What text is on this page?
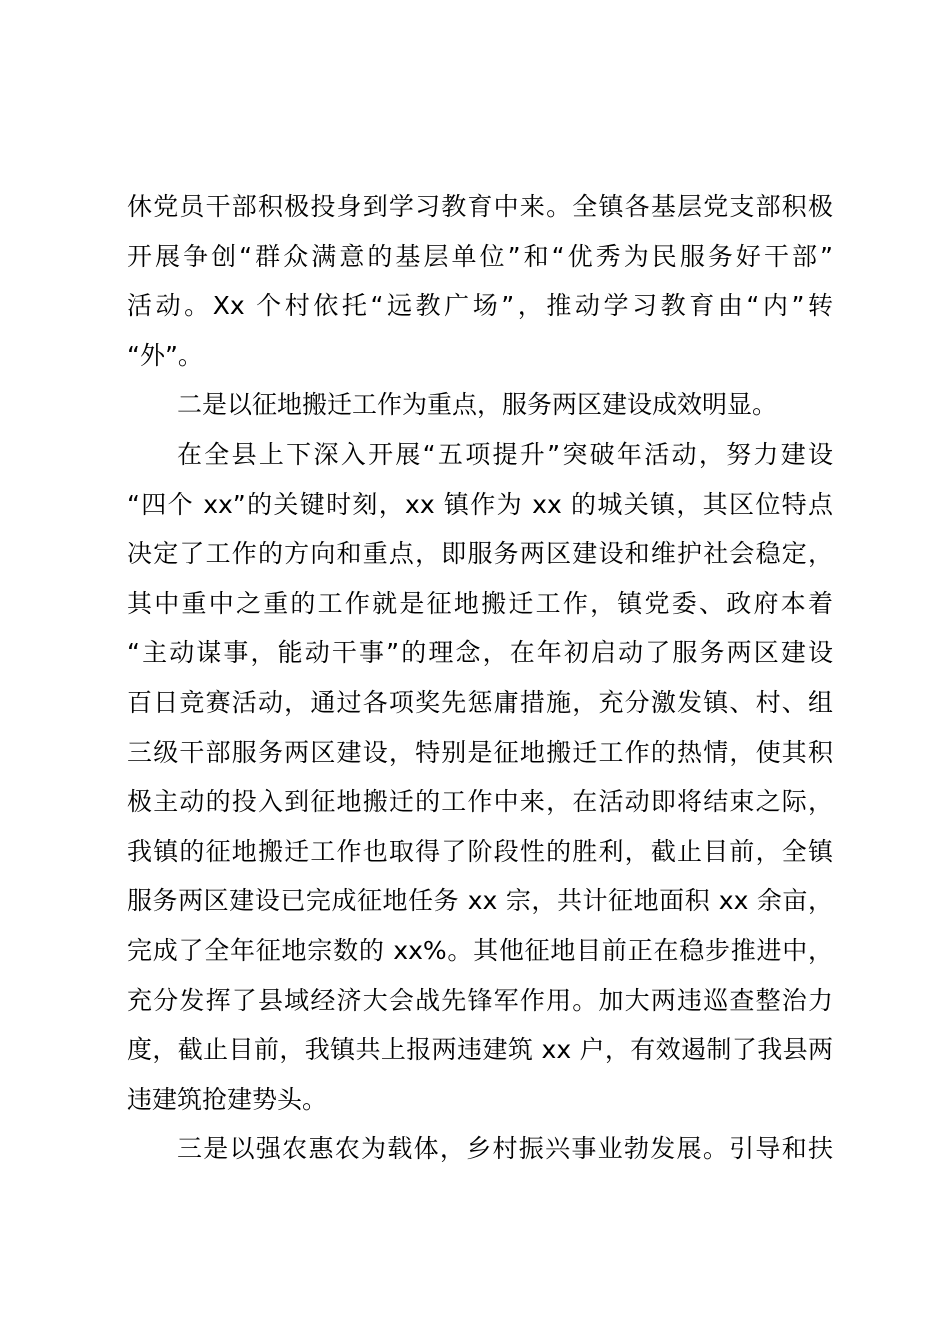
休党员干部积极投身到学习教育中来。全镇各基层党支部积极
开展争创“群众满意的基层单位”和“优秀为民服务好干部”
活动。Xx 个村依托“远教广场”，推动学习教育由“内”转
“外”。
二是以征地搬迁工作为重点，服务两区建设成效明显。
在全县上下深入开展“五项提升”突破年活动，努力建设
“四个 xx”的关键时刻，xx 镇作为 xx 的城关镇，其区位特点
决定了工作的方向和重点，即服务两区建设和维护社会稳定，
其中重中之重的工作就是征地搬迁工作，镇党委、政府本着
“主动谋事，能动干事”的理念，在年初启动了服务两区建设
百日竞赛活动，通过各项奖先惩庸措施，充分激发镇、村、组
三级干部服务两区建设，特别是征地搬迁工作的热情，使其积
极主动的投入到征地搬迁的工作中来，在活动即将结束之际，
我镇的征地搬迁工作也取得了阶段性的胜利，截止目前，全镇
服务两区建设已完成征地任务 xx 宗，共计征地面积 xx 余亩，
完成了全年征地宗数的 xx%。其他征地目前正在稳步推进中，
充分发挥了县域经济大会战先锋军作用。加大两违巡查整治力
度，截止目前，我镇共上报两违建筑 xx 户，有效遏制了我县两
违建筑抢建势头。
三是以强农惠农为载体，乡村振兴事业勃发展。引导和扶
